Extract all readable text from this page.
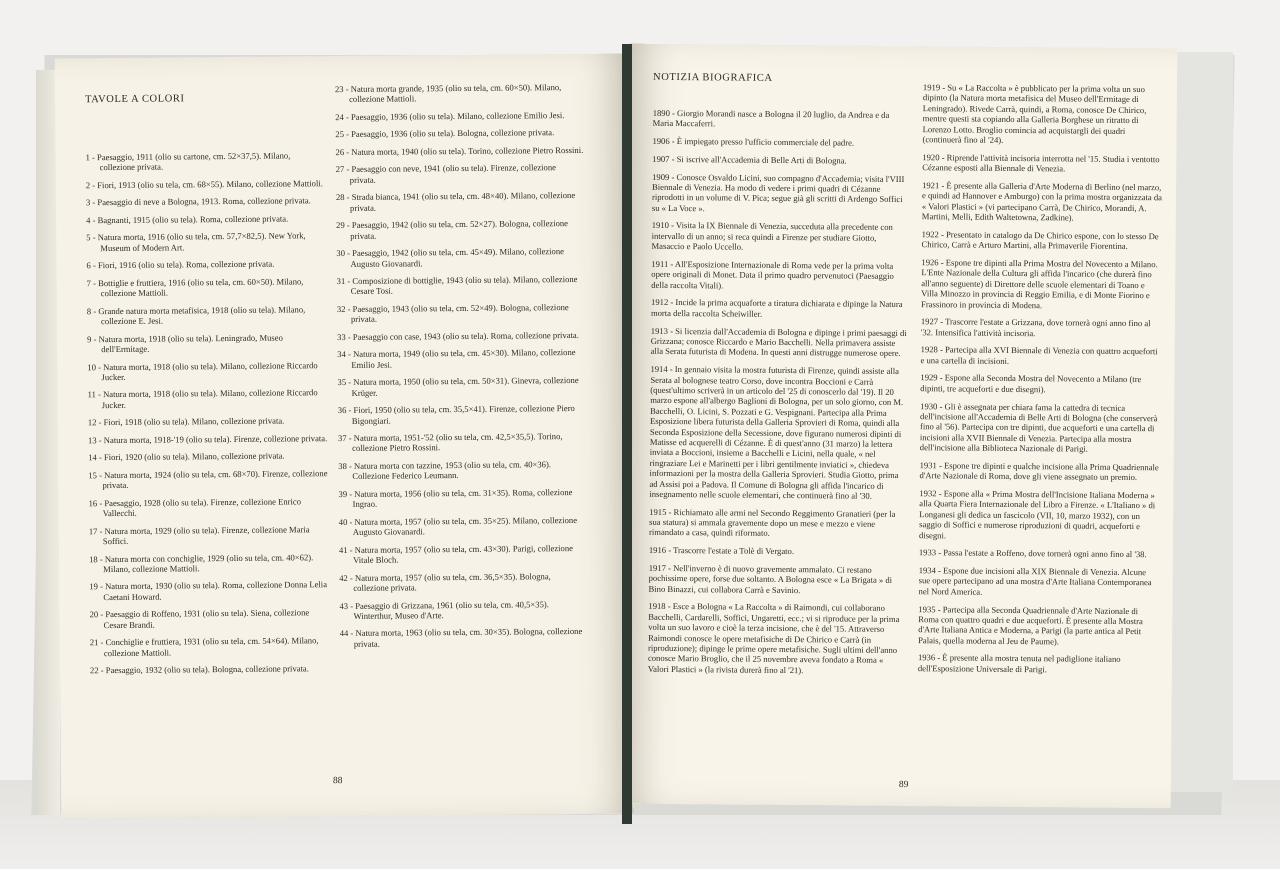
TAVOLE A COLORI
1 - Paesaggio, 1911 (olio su cartone, cm. 52×37,5). Milano, collezione privata.
2 - Fiori, 1913 (olio su tela, cm. 68×55). Milano, collezione Mattioli.
3 - Paesaggio di neve a Bologna, 1913. Roma, collezione privata.
4 - Bagnanti, 1915 (olio su tela). Roma, collezione privata.
5 - Natura morta, 1916 (olio su tela, cm. 57,7×82,5). New York, Museum of Modern Art.
6 - Fiori, 1916 (olio su tela). Roma, collezione privata.
7 - Bottiglie e fruttiera, 1916 (olio su tela, cm. 60×50). Milano, collezione Mattioli.
8 - Grande natura morta metafisica, 1918 (olio su tela). Milano, collezione E. Jesi.
9 - Natura morta, 1918 (olio su tela). Leningrado, Museo dell'Ermitage.
10 - Natura morta, 1918 (olio su tela). Milano, collezione Riccardo Jucker.
11 - Natura morta, 1918 (olio su tela). Milano, collezione Riccardo Jucker.
12 - Fiori, 1918 (olio su tela). Milano, collezione privata.
13 - Natura morta, 1918-'19 (olio su tela). Firenze, collezione privata.
14 - Fiori, 1920 (olio su tela). Milano, collezione privata.
15 - Natura morta, 1924 (olio su tela, cm. 68×70). Firenze, collezione privata.
16 - Paesaggio, 1928 (olio su tela). Firenze, collezione Enrico Vallecchi.
17 - Natura morta, 1929 (olio su tela). Firenze, collezione Maria Soffici.
18 - Natura morta con conchiglie, 1929 (olio su tela, cm. 40×62). Milano, collezione Mattioli.
19 - Natura morta, 1930 (olio su tela). Roma, collezione Donna Lelia Caetani Howard.
20 - Paesaggio di Roffeno, 1931 (olio su tela). Siena, collezione Cesare Brandi.
21 - Conchiglie e fruttiera, 1931 (olio su tela, cm. 54×64). Milano, collezione Mattioli.
22 - Paesaggio, 1932 (olio su tela). Bologna, collezione privata.
23 - Natura morta grande, 1935 (olio su tela, cm. 60×50). Milano, collezione Mattioli.
24 - Paesaggio, 1936 (olio su tela). Milano, collezione Emilio Jesi.
25 - Paesaggio, 1936 (olio su tela). Bologna, collezione privata.
26 - Natura morta, 1940 (olio su tela). Torino, collezione Pietro Rossini.
27 - Paesaggio con neve, 1941 (olio su tela). Firenze, collezione privata.
28 - Strada bianca, 1941 (olio su tela, cm. 48×40). Milano, collezione privata.
29 - Paesaggio, 1942 (olio su tela, cm. 52×27). Bologna, collezione privata.
30 - Paesaggio, 1942 (olio su tela, cm. 45×49). Milano, collezione Augusto Giovanardi.
31 - Composizione di bottiglie, 1943 (olio su tela). Milano, collezione Cesare Tosi.
32 - Paesaggio, 1943 (olio su tela, cm. 52×49). Bologna, collezione privata.
33 - Paesaggio con case, 1943 (olio su tela). Roma, collezione privata.
34 - Natura morta, 1949 (olio su tela, cm. 45×30). Milano, collezione Emilio Jesi.
35 - Natura morta, 1950 (olio su tela, cm. 50×31). Ginevra, collezione Krüger.
36 - Fiori, 1950 (olio su tela, cm. 35,5×41). Firenze, collezione Piero Bigongiari.
37 - Natura morta, 1951-'52 (olio su tela, cm. 42,5×35,5). Torino, collezione Pietro Rossini.
38 - Natura morta con tazzine, 1953 (olio su tela, cm. 40×36). Collezione Federico Leumann.
39 - Natura morta, 1956 (olio su tela, cm. 31×35). Roma, collezione Ingrao.
40 - Natura morta, 1957 (olio su tela, cm. 35×25). Milano, collezione Augusto Giovanardi.
41 - Natura morta, 1957 (olio su tela, cm. 43×30). Parigi, collezione Vitale Bloch.
42 - Natura morta, 1957 (olio su tela, cm. 36,5×35). Bologna, collezione privata.
43 - Paesaggio di Grizzana, 1961 (olio su tela, cm. 40,5×35). Winterthur, Museo d'Arte.
44 - Natura morta, 1963 (olio su tela, cm. 30×35). Bologna, collezione privata.
88
NOTIZIA BIOGRAFICA
1890 - Giorgio Morandi nasce a Bologna il 20 luglio, da Andrea e da Maria Maccaferri.
1906 - È impiegato presso l'ufficio commerciale del padre.
1907 - Si iscrive all'Accademia di Belle Arti di Bologna.
1909 - Conosce Osvaldo Licini, suo compagno d'Accademia; visita l'VIII Biennale di Venezia. Ha modo di vedere i primi quadri di Cézanne riprodotti in un volume di V. Pica; segue già gli scritti di Ardengo Soffici su « La Voce ».
1910 - Visita la IX Biennale di Venezia, succeduta alla precedente con intervallo di un anno; si reca quindi a Firenze per studiare Giotto, Masaccio e Paolo Uccello.
1911 - All'Esposizione Internazionale di Roma vede per la prima volta opere originali di Monet. Data il primo quadro pervenutoci (Paesaggio della raccolta Vitali).
1912 - Incide la prima acquaforte a tiratura dichiarata e dipinge la Natura morta della raccolta Scheiwiller.
1913 - Si licenzia dall'Accademia di Bologna e dipinge i primi paesaggi di Grizzana; conosce Riccardo e Mario Bacchelli. Nella primavera assiste alla Serata futurista di Modena. In questi anni distrugge numerose opere.
1914 - In gennaio visita la mostra futurista di Firenze, quindi assiste alla Serata al bolognese teatro Corso, dove incontra Boccioni e Carrà (quest'ultimo scriverà in un articolo del '25 di conoscerlo dal '19). Il 20 marzo espone all'albergo Baglioni di Bologna, per un solo giorno, con M. Bacchelli, O. Licini, S. Pozzati e G. Vespignani. Partecipa alla Prima Esposizione libera futurista della Galleria Sprovieri di Roma, quindi alla Seconda Esposizione della Secessione, dove figurano numerosi dipinti di Matisse ed acquerelli di Cézanne. È di quest'anno (31 marzo) la lettera inviata a Boccioni, insieme a Bacchelli e Licini, nella quale, « nel ringraziare Lei e Marinetti per i libri gentilmente inviatici », chiedeva informazioni per la mostra della Galleria Sprovieri. Studia Giotto, prima ad Assisi poi a Padova. Il Comune di Bologna gli affida l'incarico di insegnamento nelle scuole elementari, che continuerà fino al '30.
1915 - Richiamato alle armi nel Secondo Reggimento Granatieri (per la sua statura) si ammala gravemente dopo un mese e mezzo e viene rimandato a casa, quindi riformato.
1916 - Trascorre l'estate a Tolè di Vergato.
1917 - Nell'inverno è di nuovo gravemente ammalato. Ci restano pochissime opere, forse due soltanto. A Bologna esce « La Brigata » di Bino Binazzi, cui collabora Carrà e Savinio.
1918 - Esce a Bologna « La Raccolta » di Raimondi, cui collaborano Bacchelli, Cardarelli, Soffici, Ungaretti, ecc.; vi si riproduce per la prima volta un suo lavoro e cioè la terza incisione, che è del '15. Attraverso Raimondi conosce le opere metafisiche di De Chirico e Carrà (in riproduzione); dipinge le prime opere metafisiche. Sugli ultimi dell'anno conosce Mario Broglio, che il 25 novembre aveva fondato a Roma « Valori Plastici » (la rivista durerà fino al '21).
1919 - Su « La Raccolta » è pubblicato per la prima volta un suo dipinto (la Natura morta metafisica del Museo dell'Ermitage di Leningrado). Rivede Carrà, quindi, a Roma, conosce De Chirico, mentre questi sta copiando alla Galleria Borghese un ritratto di Lorenzo Lotto. Broglio comincia ad acquistargli dei quadri (continuerà fino al '24).
1920 - Riprende l'attività incisoria interrotta nel '15. Studia i ventotto Cézanne esposti alla Biennale di Venezia.
1921 - È presente alla Galleria d'Arte Moderna di Berlino (nel marzo, e quindi ad Hannover e Amburgo) con la prima mostra organizzata da « Valori Plastici » (vi partecipano Carrà, De Chirico, Morandi, A. Martini, Melli, Edith Waltetowna, Zadkine).
1922 - Presentato in catalogo da De Chirico espone, con lo stesso De Chirico, Carrà e Arturo Martini, alla Primaverile Fiorentina.
1926 - Espone tre dipinti alla Prima Mostra del Novecento a Milano. L'Ente Nazionale della Cultura gli affida l'incarico (che durerà fino all'anno seguente) di Direttore delle scuole elementari di Toano e Villa Minozzo in provincia di Reggio Emilia, e di Monte Fiorino e Frassinoro in provincia di Modena.
1927 - Trascorre l'estate a Grizzana, dove tornerà ogni anno fino al '32. Intensifica l'attività incisoria.
1928 - Partecipa alla XVI Biennale di Venezia con quattro acqueforti e una cartella di incisioni.
1929 - Espone alla Seconda Mostra del Novecento a Milano (tre dipinti, tre acqueforti e due disegni).
1930 - Gli è assegnata per chiara fama la cattedra di tecnica dell'incisione all'Accademia di Belle Arti di Bologna (che conserverà fino al '56). Partecipa con tre dipinti, due acqueforti e una cartella di incisioni alla XVII Biennale di Venezia. Partecipa alla mostra dell'incisione alla Biblioteca Nazionale di Parigi.
1931 - Espone tre dipinti e qualche incisione alla Prima Quadriennale d'Arte Nazionale di Roma, dove gli viene assegnato un premio.
1932 - Espone alla « Prima Mostra dell'Incisione Italiana Moderna » alla Quarta Fiera Internazionale del Libro a Firenze. « L'Italiano » di Longanesi gli dedica un fascicolo (VII, 10, marzo 1932), con un saggio di Soffici e numerose riproduzioni di quadri, acqueforti e disegni.
1933 - Passa l'estate a Roffeno, dove tornerà ogni anno fino al '38.
1934 - Espone due incisioni alla XIX Biennale di Venezia. Alcune sue opere partecipano ad una mostra d'Arte Italiana Contemporanea nel Nord America.
1935 - Partecipa alla Seconda Quadriennale d'Arte Nazionale di Roma con quattro quadri e due acqueforti. È presente alla Mostra d'Arte Italiana Antica e Moderna, a Parigi (la parte antica al Petit Palais, quella moderna al Jeu de Paume).
1936 - È presente alla mostra tenuta nel padiglione italiano dell'Esposizione Universale di Parigi.
89
